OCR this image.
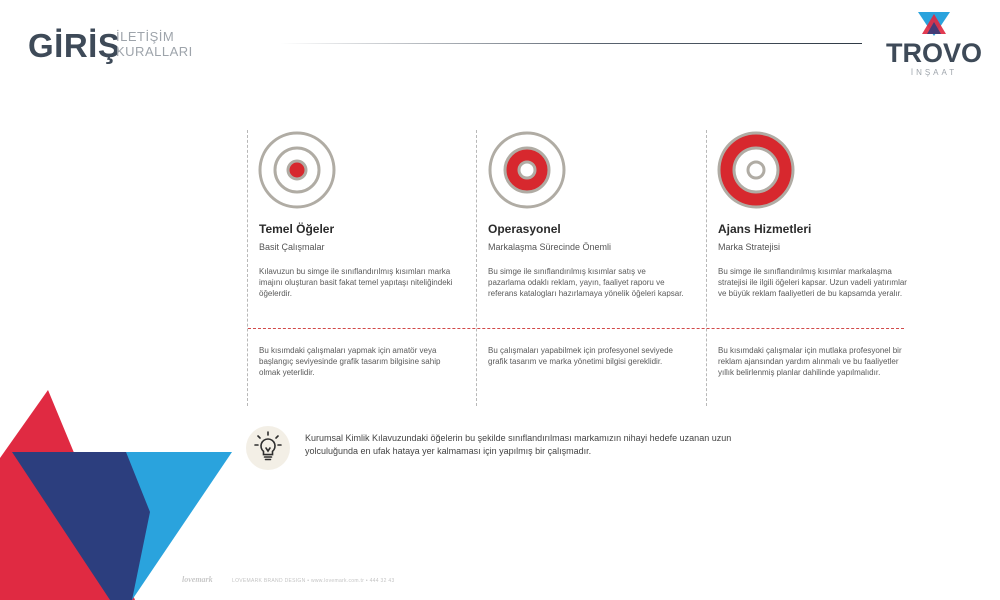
GİRİŞ
İLETİŞİM
KURALLARI	TROVO
İNŞAAT
Temel Öğeler
Basit Çalışmalar
Kılavuzun bu simge ile sınıflandırılmış kısımları marka imajını oluşturan basit fakat temel yapıtaşı niteliğindeki öğelerdir.
Bu kısımdaki çalışmaları yapmak için amatör veya başlangıç seviyesinde grafik tasarım bilgisine sahip olmak yeterlidir.
Operasyonel
Markalaşma Sürecinde Önemli
Bu simge ile sınıflandırılmış kısımlar satış ve pazarlama odaklı reklam, yayın, faaliyet raporu ve referans katalogları hazırlamaya yönelik öğeleri kapsar.
Bu çalışmaları yapabilmek için profesyonel seviyede grafik tasarım ve marka yönetimi bilgisi gereklidir.
Ajans Hizmetleri
Marka Stratejisi
Bu simge ile sınıflandırılmış kısımlar markalaşma stratejisi ile ilgili öğeleri kapsar. Uzun vadeli yatırımlar ve büyük reklam faaliyetleri de bu kapsamda yeralır.
Bu kısımdaki çalışmalar için mutlaka profesyonel bir reklam ajansından yardım alınmalı ve bu faaliyetler yıllık belirlenmiş planlar dahilinde yapılmalıdır.
Kurumsal Kimlik Kılavuzundaki öğelerin bu şekilde sınıflandırılması markamızın nihayi hedefe uzanan uzun yolculuğunda en ufak hataya yer kalmaması için yapılmış bir çalışmadır.
lovemark	LOVEMARK BRAND DESIGN • www.lovemark.com.tr • 444 32 43
